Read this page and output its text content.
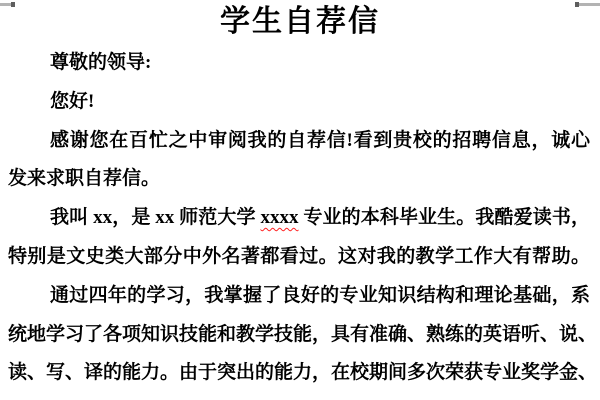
学生自荐信
尊敬的领导:
您好!
感谢您在百忙之中审阅我的自荐信!看到贵校的招聘信息，诚心
发来求职自荐信。
我叫 xx，是 xx 师范大学 xxxx 专业的本科毕业生。我酷爱读书，
特别是文史类大部分中外名著都看过。这对我的教学工作大有帮助。
通过四年的学习，我掌握了良好的专业知识结构和理论基础，系
统地学习了各项知识技能和教学技能，具有准确、熟练的英语听、说、
读、写、译的能力。由于突出的能力，在校期间多次荣获专业奖学金、
